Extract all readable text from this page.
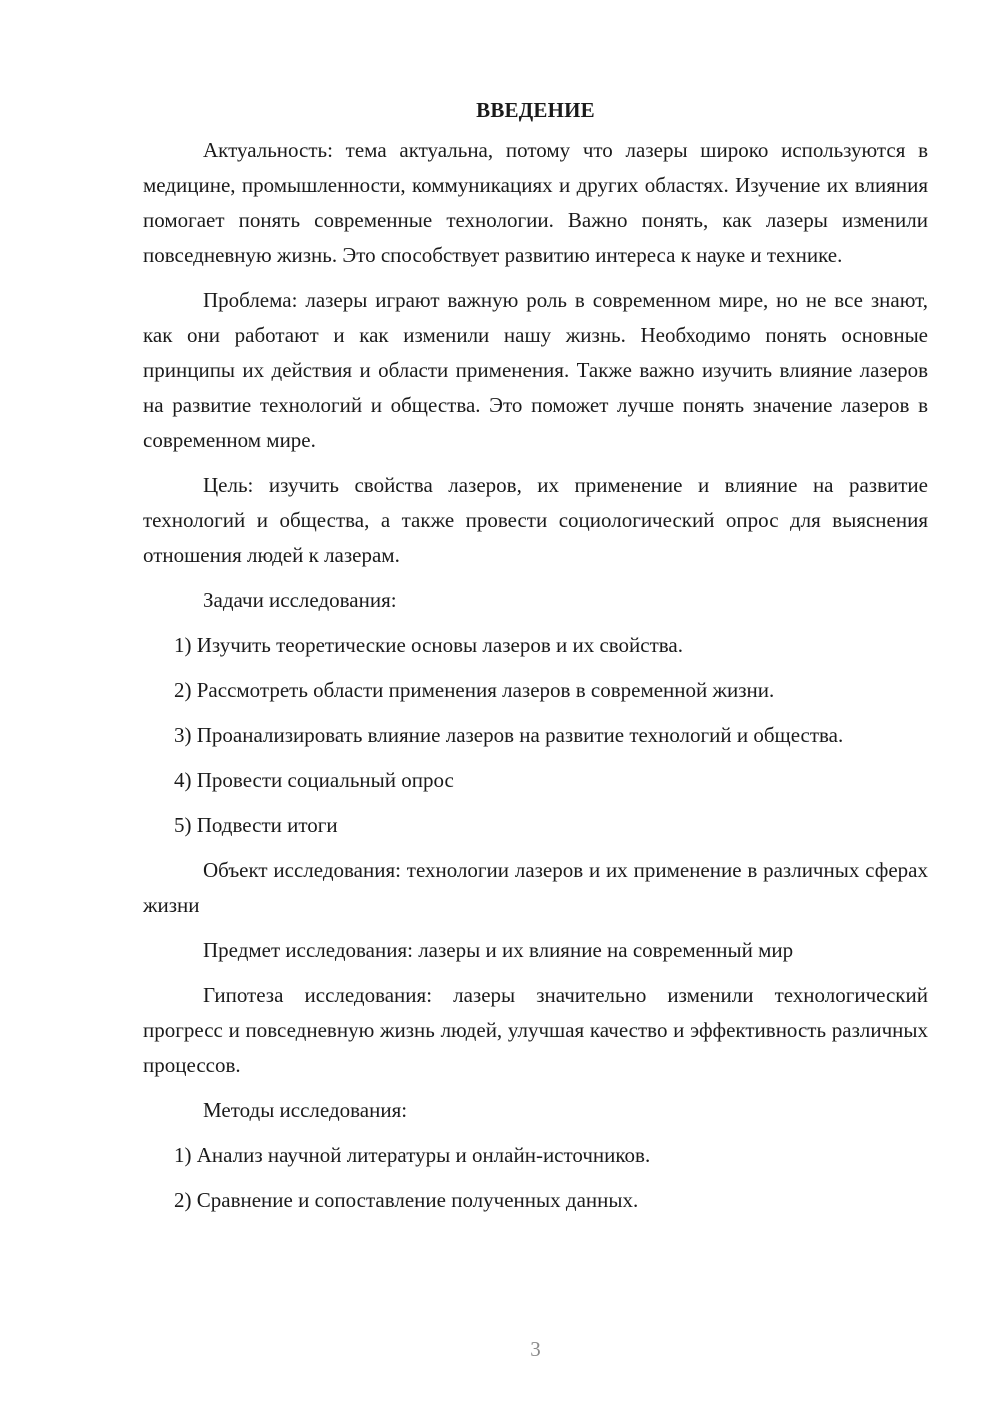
ВВЕДЕНИЕ

Актуальность: тема актуальна, потому что лазеры широко используются в медицине, промышленности, коммуникациях и других областях. Изучение их влияния помогает понять современные технологии. Важно понять, как лазеры изменили повседневную жизнь. Это способствует развитию интереса к науке и технике.

Проблема: лазеры играют важную роль в современном мире, но не все знают, как они работают и как изменили нашу жизнь. Необходимо понять основные принципы их действия и области применения. Также важно изучить влияние лазеров на развитие технологий и общества. Это поможет лучше понять значение лазеров в современном мире.

Цель: изучить свойства лазеров, их применение и влияние на развитие технологий и общества, а также провести социологический опрос для выяснения отношения людей к лазерам.

Задачи исследования:

1) Изучить теоретические основы лазеров и их свойства.

2) Рассмотреть области применения лазеров в современной жизни.

3) Проанализировать влияние лазеров на развитие технологий и общества.

4) Провести социальный опрос

5) Подвести итоги

Объект исследования: технологии лазеров и их применение в различных сферах жизни

Предмет исследования: лазеры и их влияние на современный мир

Гипотеза исследования: лазеры значительно изменили технологический прогресс и повседневную жизнь людей, улучшая качество и эффективность различных процессов.

Методы исследования:

1) Анализ научной литературы и онлайн-источников.

2) Сравнение и сопоставление полученных данных.

3
